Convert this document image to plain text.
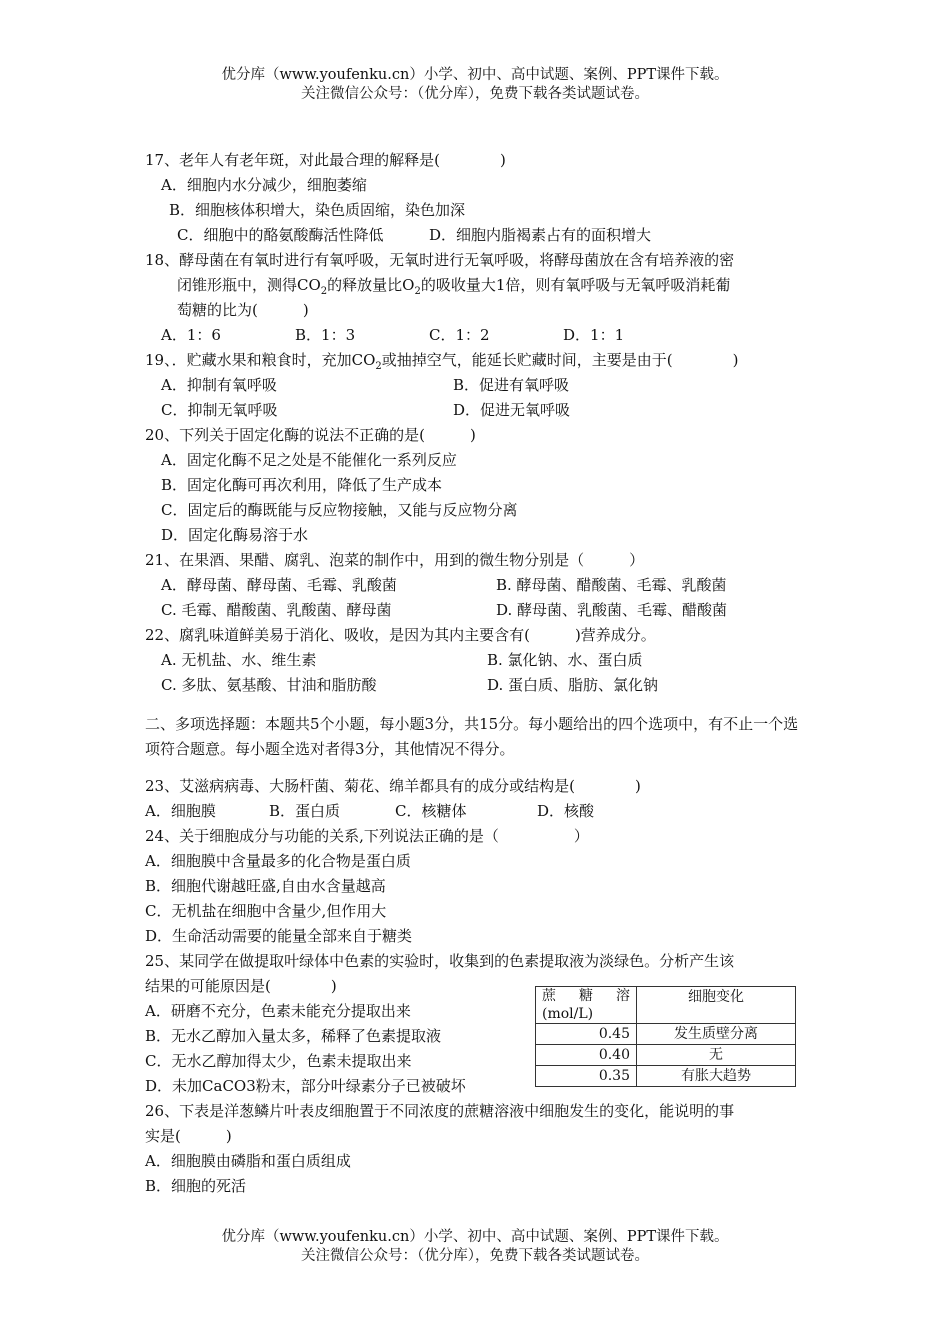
优分库（www.youfenku.cn）小学、初中、高中试题、案例、PPT课件下载。
关注微信公众号：（优分库），免费下载各类试题试卷。
17、老年人有老年斑，对此最合理的解释是(　　　　)
A．细胞内水分减少，细胞萎缩
B．细胞核体积增大，染色质固缩，染色加深
C．细胞中的酪氨酸酶活性降低	D．细胞内脂褐素占有的面积增大
18、酵母菌在有氧时进行有氧呼吸，无氧时进行无氧呼吸，将酵母菌放在含有培养液的密
闭锥形瓶中，测得$CO_2$的释放量比$O_2$的吸收量大1倍，则有氧呼吸与无氧呼吸消耗葡
萄糖的比为(　　　)
A．1：6	B．1：3	C．1：2	D．1：1
19、．贮藏水果和粮食时，充加$CO_2$或抽掉空气，能延长贮藏时间，主要是由于(　　　　)
A．抑制有氧呼吸	B．促进有氧呼吸
C．抑制无氧呼吸	D．促进无氧呼吸
20、下列关于固定化酶的说法不正确的是(　　　)
A．固定化酶不足之处是不能催化一系列反应
B．固定化酶可再次利用，降低了生产成本
C．固定后的酶既能与反应物接触，又能与反应物分离
D．固定化酶易溶于水
21、在果酒、果醋、腐乳、泡菜的制作中，用到的微生物分别是（　　　）
A．酵母菌、酵母菌、毛霉、乳酸菌	B. 酵母菌、醋酸菌、毛霉、乳酸菌
C. 毛霉、醋酸菌、乳酸菌、酵母菌	D. 酵母菌、乳酸菌、毛霉、醋酸菌
22、腐乳味道鲜美易于消化、吸收，是因为其内主要含有(　　　)营养成分。
A. 无机盐、水、维生素	B. 氯化钠、水、蛋白质
C. 多肽、氨基酸、甘油和脂肪酸	D. 蛋白质、脂肪、氯化钠
二、多项选择题：本题共5个小题，每小题3分，共15分。每小题给出的四个选项中，有不止一个选项符合题意。每小题全选对者得3分，其他情况不得分。
23、艾滋病病毒、大肠杆菌、菊花、绵羊都具有的成分或结构是(　　　　)
A．细胞膜	B．蛋白质	C．核糖体	D．核酸
24、关于细胞成分与功能的关系,下列说法正确的是（　　　　　）
A．细胞膜中含量最多的化合物是蛋白质
B．细胞代谢越旺盛,自由水含量越高
C．无机盐在细胞中含量少,但作用大
D．生命活动需要的能量全部来自于糖类
25、某同学在做提取叶绿体中色素的实验时，收集到的色素提取液为淡绿色。分析产生该
结果的可能原因是(　　　　)
A．研磨不充分，色素未能充分提取出来
B．无水乙醇加入量太多，稀释了色素提取液
C．无水乙醇加得太少，色素未提取出来
D．未加CaCO3粉末，部分叶绿素分子已被破坏
26、下表是洋葱鳞片叶表皮细胞置于不同浓度的蔗糖溶液中细胞发生的变化，能说明的事
实是(　　　)
A．细胞膜由磷脂和蛋白质组成
B．细胞的死活
蔗　糖　溶
(mol/L)	细胞变化
0.45	发生质壁分离
0.40	无
0.35	有胀大趋势
优分库（www.youfenku.cn）小学、初中、高中试题、案例、PPT课件下载。
关注微信公众号：（优分库），免费下载各类试题试卷。
